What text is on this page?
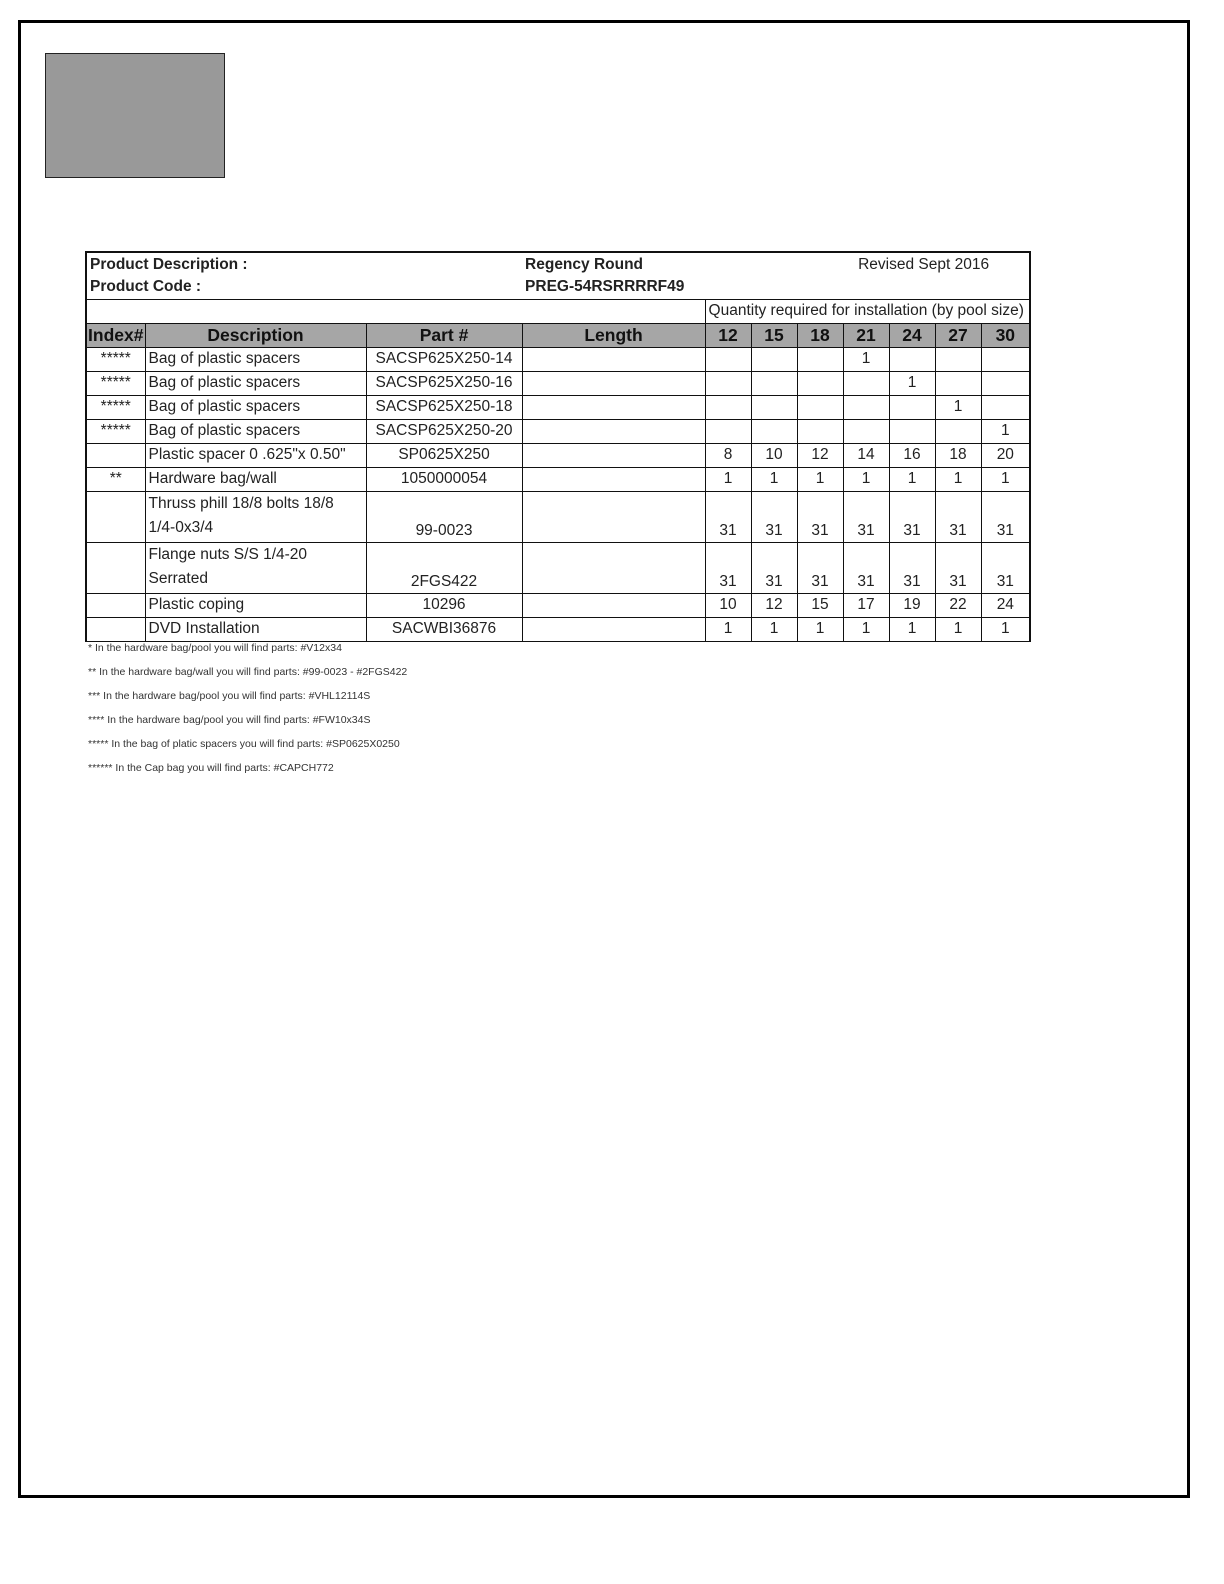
Product Description :			Regency Round			Revised Sept 2016				
Product Code :			PREG-54RSRRRRF49							
				Quantity required for installation (by pool size)						
Index#	Description	Part #	Length	12	15	18	21	24	27	30
*****	Bag of plastic spacers	SACSP625X250-14					1			
*****	Bag of plastic spacers	SACSP625X250-16						1		
*****	Bag of plastic spacers	SACSP625X250-18							1	
*****	Bag of plastic spacers	SACSP625X250-20								1
	Plastic spacer 0 .625"x 0.50"	SP0625X250		8	10	12	14	16	18	20
**	Hardware bag/wall	1050000054		1	1	1	1	1	1	1
	Thruss phill 18/8 bolts 18/8 1/4-0x3/4	99-0023		31	31	31	31	31	31	31
	Flange nuts S/S 1/4-20 Serrated	2FGS422		31	31	31	31	31	31	31
	Plastic coping	10296		10	12	15	17	19	22	24
	DVD Installation	SACWBI36876		1	1	1	1	1	1	1
* In the hardware bag/pool you will find parts: #V12x34
** In the hardware bag/wall you will find parts: #99-0023 - #2FGS422
*** In the hardware bag/pool you will find parts: #VHL12114S
**** In the hardware bag/pool you will find parts: #FW10x34S
***** In the bag of platic spacers you will find parts: #SP0625X0250
****** In the Cap bag you will find parts: #CAPCH772
